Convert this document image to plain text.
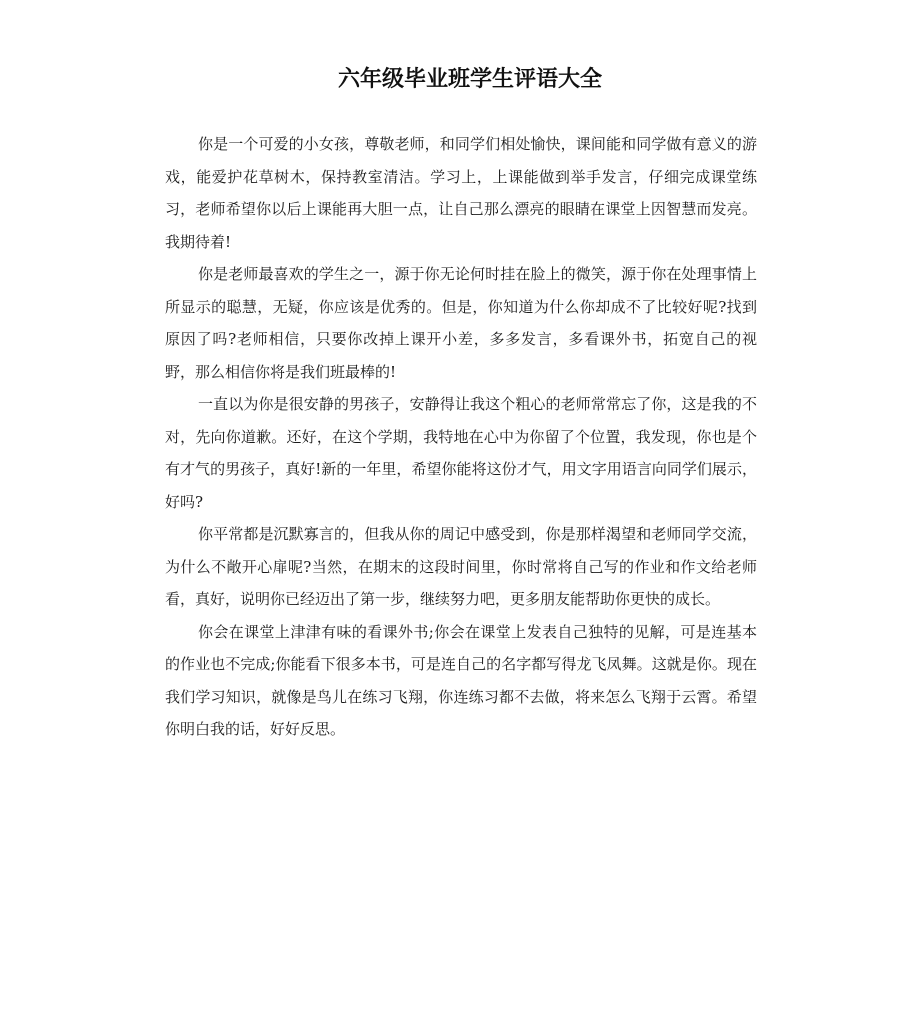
六年级毕业班学生评语大全

你是一个可爱的小女孩，尊敬老师，和同学们相处愉快，课间能和同学做有意义的游戏，能爱护花草树木，保持教室清洁。学习上，上课能做到举手发言，仔细完成课堂练习，老师希望你以后上课能再大胆一点，让自己那么漂亮的眼睛在课堂上因智慧而发亮。我期待着!

你是老师最喜欢的学生之一，源于你无论何时挂在脸上的微笑，源于你在处理事情上所显示的聪慧，无疑，你应该是优秀的。但是，你知道为什么你却成不了比较好呢?找到原因了吗?老师相信，只要你改掉上课开小差，多多发言，多看课外书，拓宽自己的视野，那么相信你将是我们班最棒的!

一直以为你是很安静的男孩子，安静得让我这个粗心的老师常常忘了你，这是我的不对，先向你道歉。还好，在这个学期，我特地在心中为你留了个位置，我发现，你也是个有才气的男孩子，真好!新的一年里，希望你能将这份才气，用文字用语言向同学们展示，好吗?

你平常都是沉默寡言的，但我从你的周记中感受到，你是那样渴望和老师同学交流，为什么不敞开心扉呢?当然，在期末的这段时间里，你时常将自己写的作业和作文给老师看，真好，说明你已经迈出了第一步，继续努力吧，更多朋友能帮助你更快的成长。

你会在课堂上津津有味的看课外书;你会在课堂上发表自己独特的见解，可是连基本的作业也不完成;你能看下很多本书，可是连自己的名字都写得龙飞凤舞。这就是你。现在我们学习知识，就像是鸟儿在练习飞翔，你连练习都不去做，将来怎么飞翔于云霄。希望你明白我的话，好好反思。
